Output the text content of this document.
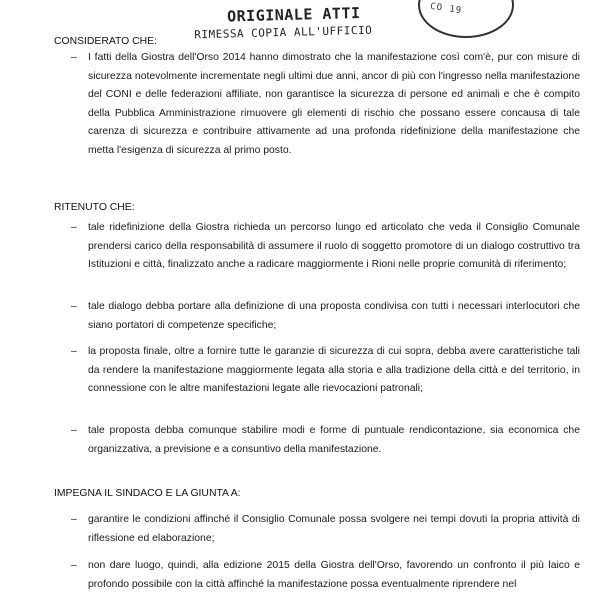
CO 19
ORIGINALE ATTI
RIMESSA COPIA ALL'UFFICIO
CONSIDERATO CHE:
– I fatti della Giostra dell'Orso 2014 hanno dimostrato che la manifestazione così com'è, pur con misure di sicurezza notevolmente incrementate negli ultimi due anni, ancor di più con l'ingresso nella manifestazione del CONI e delle federazioni affiliate, non garantisce la sicurezza di persone ed animali e che è compito della Pubblica Amministrazione rimuovere gli elementi di rischio che possano essere concausa di tale carenza di sicurezza e contribuire attivamente ad una profonda ridefinizione della manifestazione che metta l'esigenza di sicurezza al primo posto.
RITENUTO CHE:
– tale ridefinizione della Giostra richieda un percorso lungo ed articolato che veda il Consiglio Comunale prendersi carico della responsabilità di assumere il ruolo di soggetto promotore di un dialogo costruttivo tra Istituzioni e città, finalizzato anche a radicare maggiormente i Rioni nelle proprie comunità di riferimento;
– tale dialogo debba portare alla definizione di una proposta condivisa con tutti i necessari interlocutori che siano portatori di competenze specifiche;
– la proposta finale, oltre a fornire tutte le garanzie di sicurezza di cui sopra, debba avere caratteristiche tali da rendere la manifestazione maggiormente legata alla storia e alla tradizione della città e del territorio, in connessione con le altre manifestazioni legate alle rievocazioni patronali;
– tale proposta debba comunque stabilire modi e forme di puntuale rendicontazione, sia economica che organizzativa, a previsione e a consuntivo della manifestazione.
IMPEGNA IL SINDACO E LA GIUNTA A:
– garantire le condizioni affinché il Consiglio Comunale possa svolgere nei tempi dovuti la propria attività di riflessione ed elaborazione;
– non dare luogo, quindi, alla edizione 2015 della Giostra dell'Orso, favorendo un confronto il più laico e profondo possibile con la città affinché la manifestazione possa eventualmente riprendere nel
